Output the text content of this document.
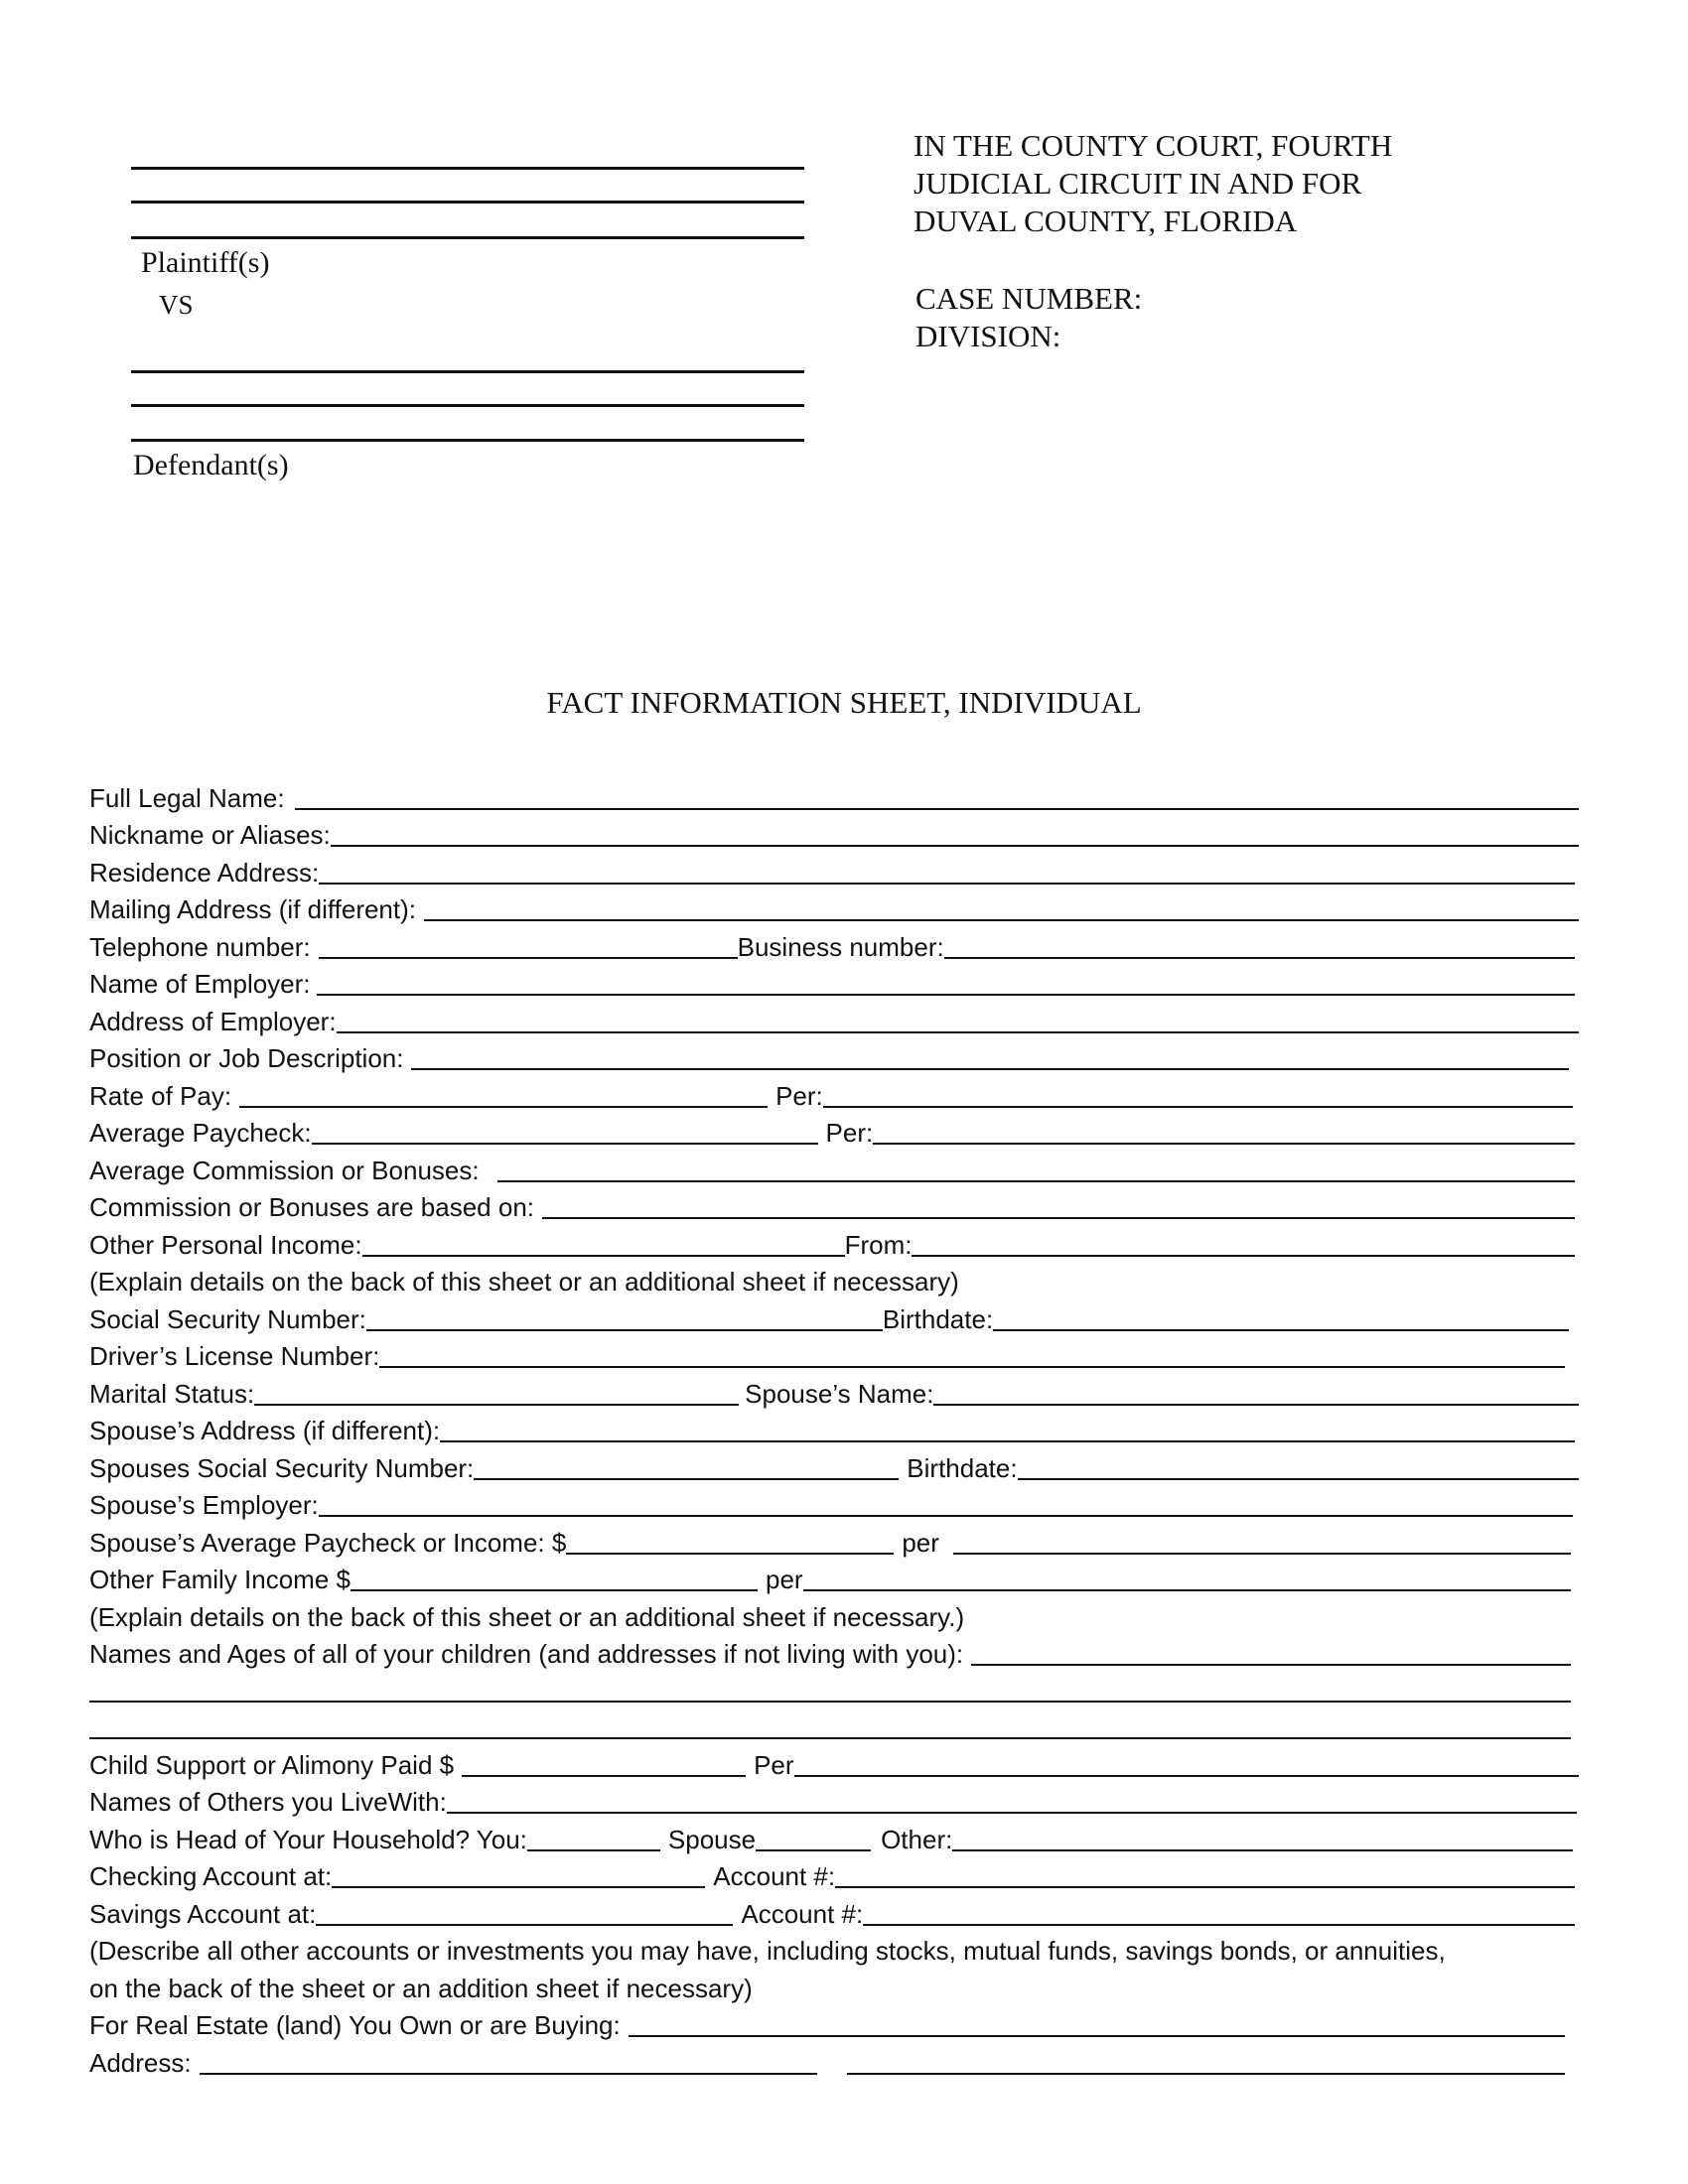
Plaintiff(s)
VS
Defendant(s)
IN THE COUNTY COURT, FOURTH
JUDICIAL CIRCUIT IN AND FOR
DUVAL COUNTY, FLORIDA
CASE NUMBER:
DIVISION:
FACT INFORMATION SHEET, INDIVIDUAL
Full Legal Name:
Nickname or Aliases:
Residence Address:
Mailing Address (if different):
Telephone number:	Business number:
Name of Employer:
Address of Employer:
Position or Job Description:
Rate of Pay:	Per:
Average Paycheck:	Per:
Average Commission or Bonuses:
Commission or Bonuses are based on:
Other Personal Income:	From:
(Explain details on the back of this sheet or an additional sheet if necessary)
Social Security Number:	Birthdate:
Driver’s License Number:
Marital Status:	Spouse’s Name:
Spouse’s Address (if different):
Spouses Social Security Number:	Birthdate:
Spouse’s Employer:
Spouse’s Average Paycheck or Income: $	per
Other Family Income $	per
(Explain details on the back of this sheet or an additional sheet if necessary.)
Names and Ages of all of your children (and addresses if not living with you):
Child Support or Alimony Paid $	Per
Names of Others you LiveWith:
Who is Head of Your Household? You:	Spouse	Other:
Checking Account at:	Account #:
Savings Account at:	Account #:
(Describe all other accounts or investments you may have, including stocks, mutual funds, savings bonds, or annuities,
on the back of the sheet or an addition sheet if necessary)
For Real Estate (land) You Own or are Buying:
Address:
